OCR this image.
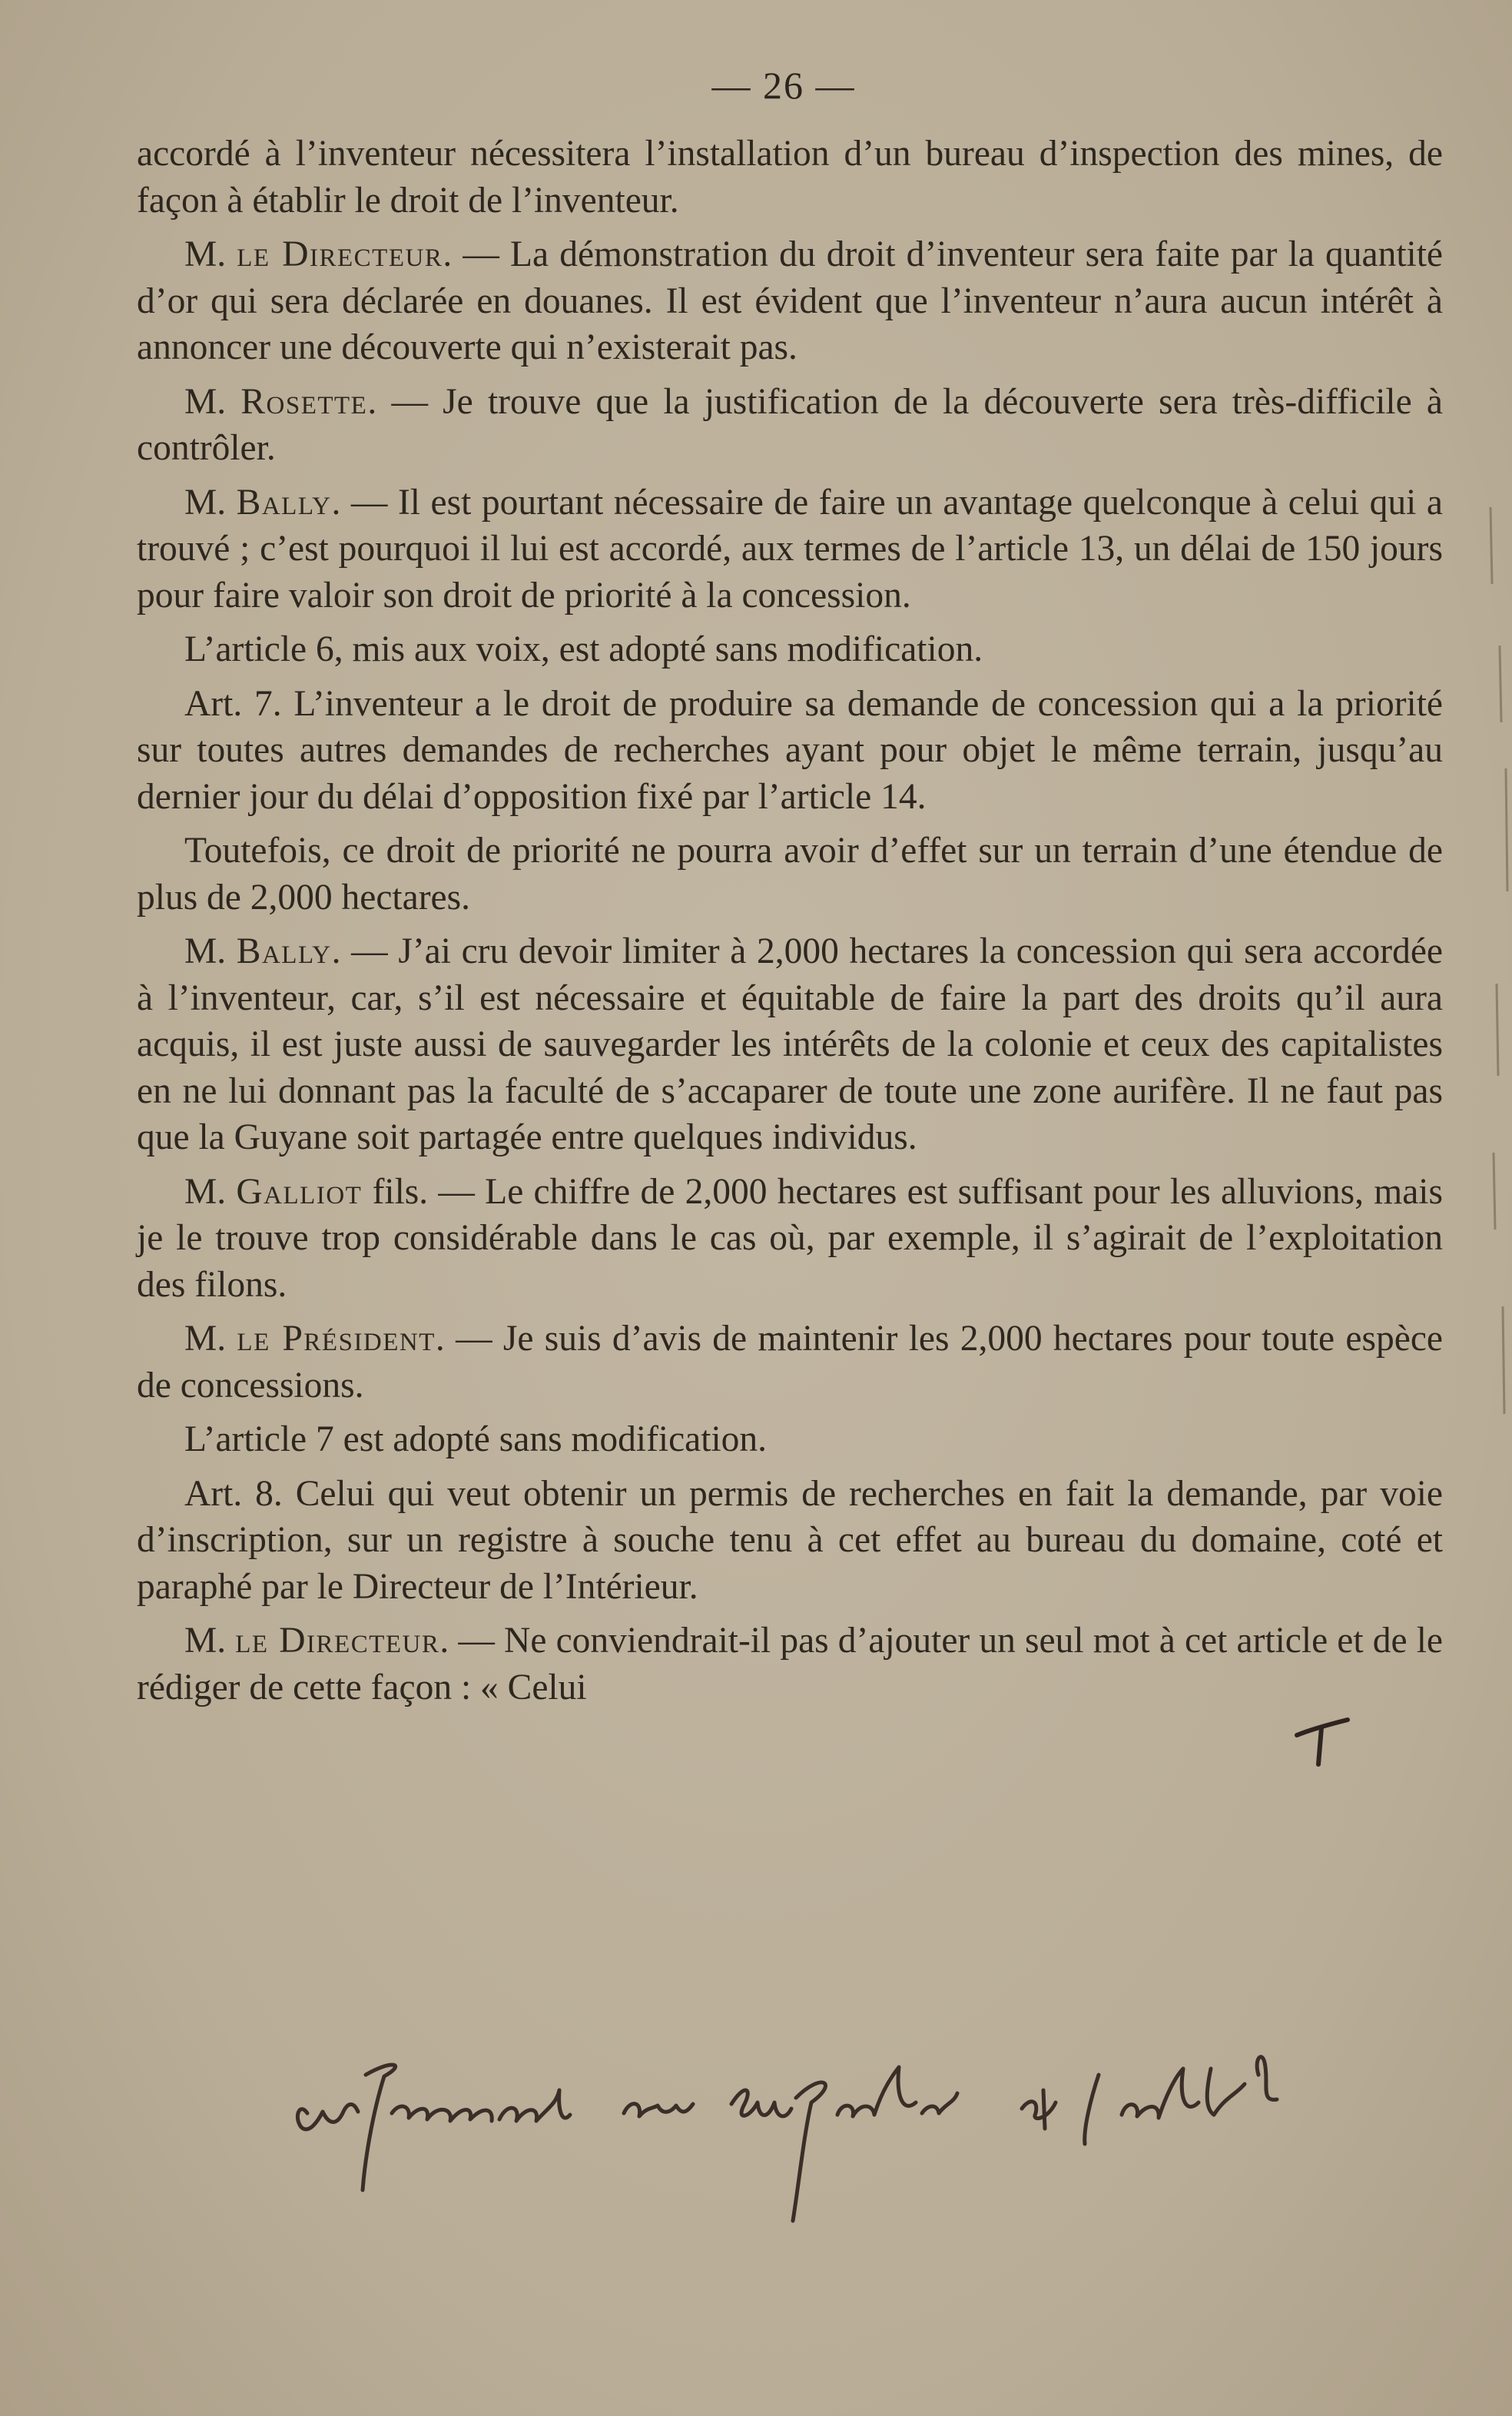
— 26 —

accordé à l’inventeur nécessitera l’installation d’un bureau d’inspection des mines, de façon à établir le droit de l’inventeur.

M. le Directeur. — La démonstration du droit d’inventeur sera faite par la quantité d’or qui sera déclarée en douanes. Il est évident que l’inventeur n’aura aucun intérêt à annoncer une découverte qui n’existerait pas.

M. Rosette. — Je trouve que la justification de la découverte sera très-difficile à contrôler.

M. Bally. — Il est pourtant nécessaire de faire un avantage quelconque à celui qui a trouvé ; c’est pourquoi il lui est accordé, aux termes de l’article 13, un délai de 150 jours pour faire valoir son droit de priorité à la concession.

L’article 6, mis aux voix, est adopté sans modification.

Art. 7. L’inventeur a le droit de produire sa demande de concession qui a la priorité sur toutes autres demandes de recherches ayant pour objet le même terrain, jusqu’au dernier jour du délai d’opposition fixé par l’article 14.

Toutefois, ce droit de priorité ne pourra avoir d’effet sur un terrain d’une étendue de plus de 2,000 hectares.

M. Bally. — J’ai cru devoir limiter à 2,000 hectares la concession qui sera accordée à l’inventeur, car, s’il est nécessaire et équitable de faire la part des droits qu’il aura acquis, il est juste aussi de sauvegarder les intérêts de la colonie et ceux des capitalistes en ne lui donnant pas la faculté de s’accaparer de toute une zone aurifère. Il ne faut pas que la Guyane soit partagée entre quelques individus.

M. Galliot fils. — Le chiffre de 2,000 hectares est suffisant pour les alluvions, mais je le trouve trop considérable dans le cas où, par exemple, il s’agirait de l’exploitation des filons.

M. le Président. — Je suis d’avis de maintenir les 2,000 hectares pour toute espèce de concessions.

L’article 7 est adopté sans modification.

Art. 8. Celui qui veut obtenir un permis de recherches en fait la demande, par voie d’inscription, sur un registre à souche tenu à cet effet au bureau du domaine, coté et paraphé par le Directeur de l’Intérieur.

M. le Directeur. — Ne conviendrait-il pas d’ajouter un seul mot à cet article et de le rédiger de cette façon : « Celui
